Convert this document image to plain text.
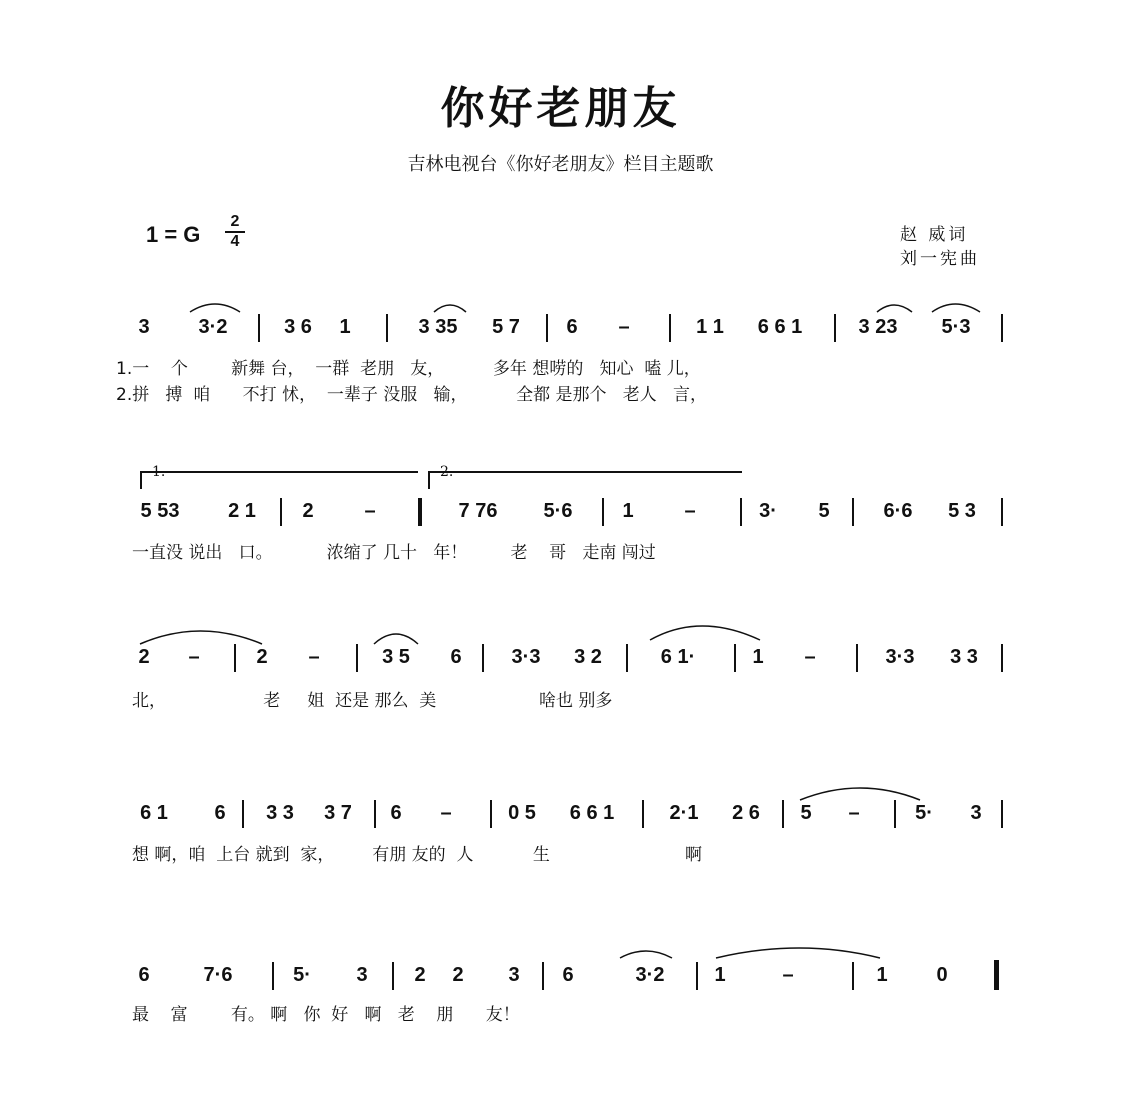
你好老朋友
吉林电视台《你好老朋友》栏目主题歌
1 = G
2
4	赵 威词
刘一宪曲
3 3·2	3 6 1	3 35 5 7 6 –	1 1 6 6 1	3 23 5·3
1.一    个        新舞 台，  一群  老朋   友，         多年 想唠的   知心  嗑 儿，
2.拼   搏  咱      不打 怵，  一辈子 没服   输，         全都 是那个   老人   言，
1.	2.
5 53 2 1 2	–	7 76 5·6 1	–	3· 5	6·6 5 3
一直没 说出   口。          浓缩了 几十   年！        老    哥   走南 闯过
2 –	2 –	3 5 6 3·3 3 2	6 1·	1 –	3·3 3 3
北，                  老     姐  还是 那么  美                   啥也 别多
6 1 6 3 3 3 7 6 –	0 5 6 6 1	2·1 2 6 5 –	5· 3
想 啊，咱  上台 就到  家，       有朋 友的  人           生                         啊
6	7·6	5· 3 2 2 3 6	3·2 1	–	1 0
最    富        有。 啊   你  好   啊   老    朋      友！
